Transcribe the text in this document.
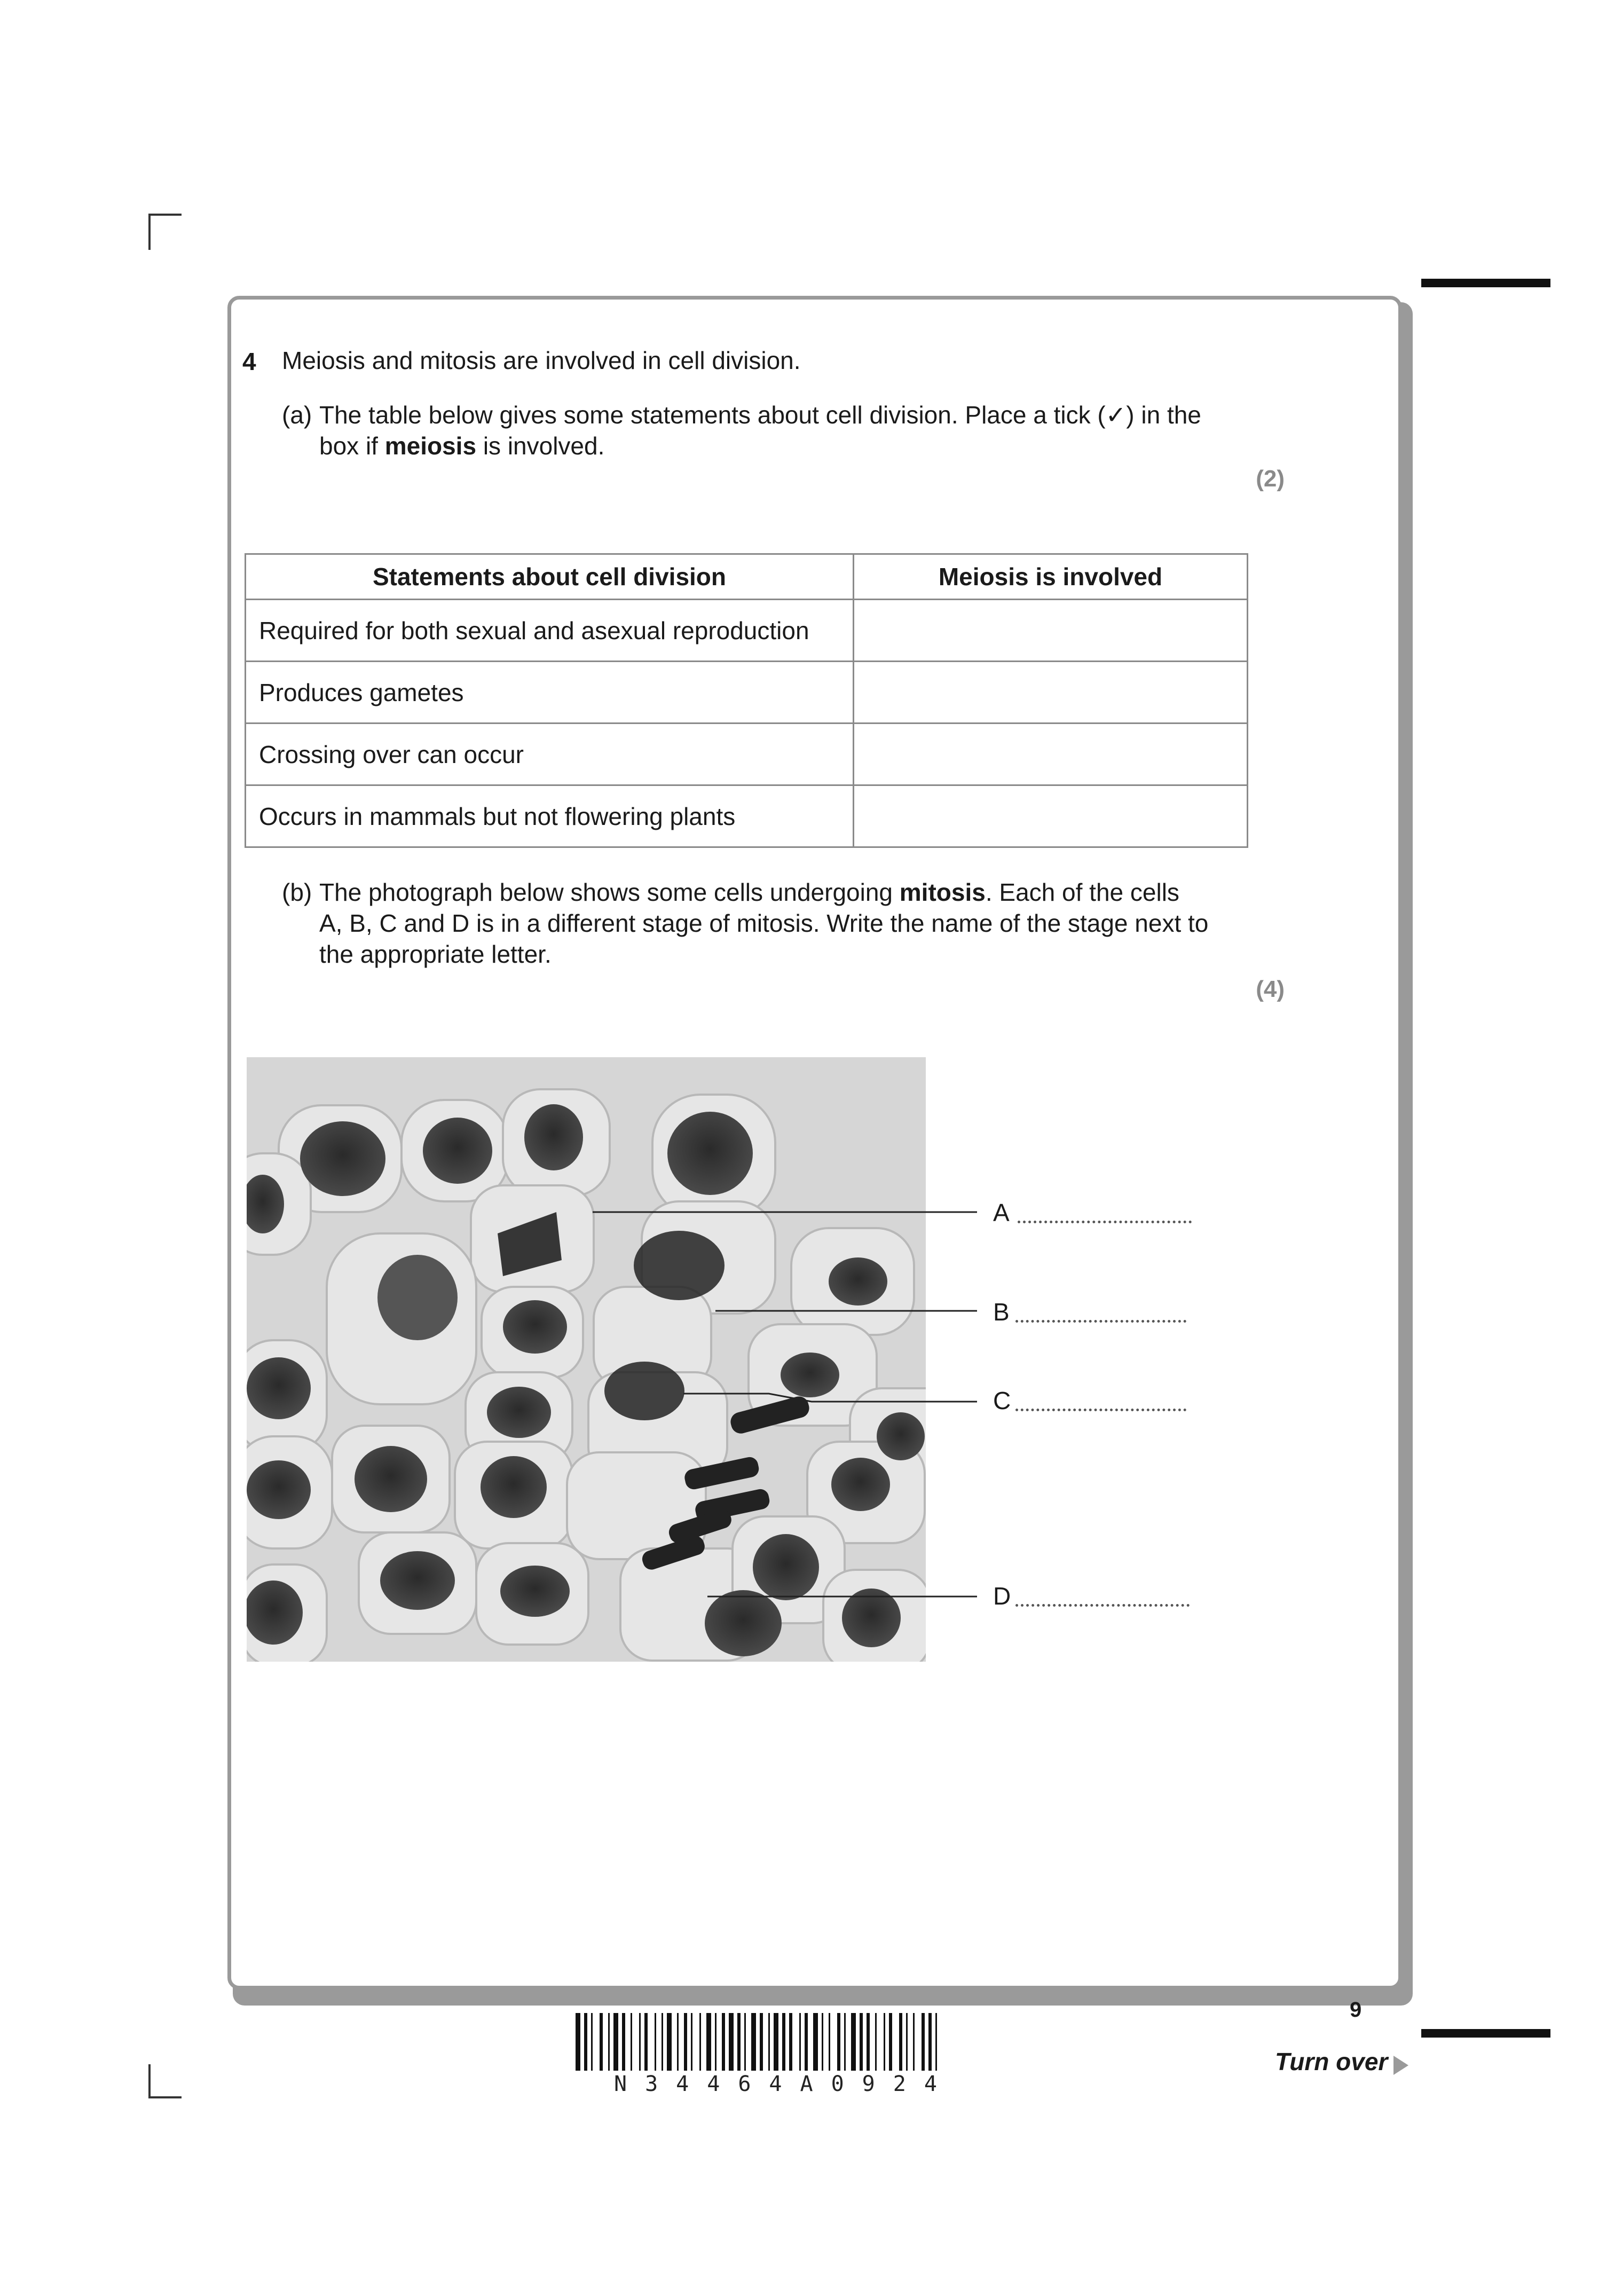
4 Meiosis and mitosis are involved in cell division.
(a) The table below gives some statements about cell division. Place a tick (✓) in the
box if meiosis is involved.
(2)
Statements about cell division	Meiosis is involved
Required for both sexual and asexual reproduction	
Produces gametes	
Crossing over can occur	
Occurs in mammals but not flowering plants	
(b) The photograph below shows some cells undergoing mitosis. Each of the cells
A, B, C and D is in a different stage of mitosis. Write the name of the stage next to
the appropriate letter.
(4)
A
B
C
D
9
N34464A0924
Turn over
